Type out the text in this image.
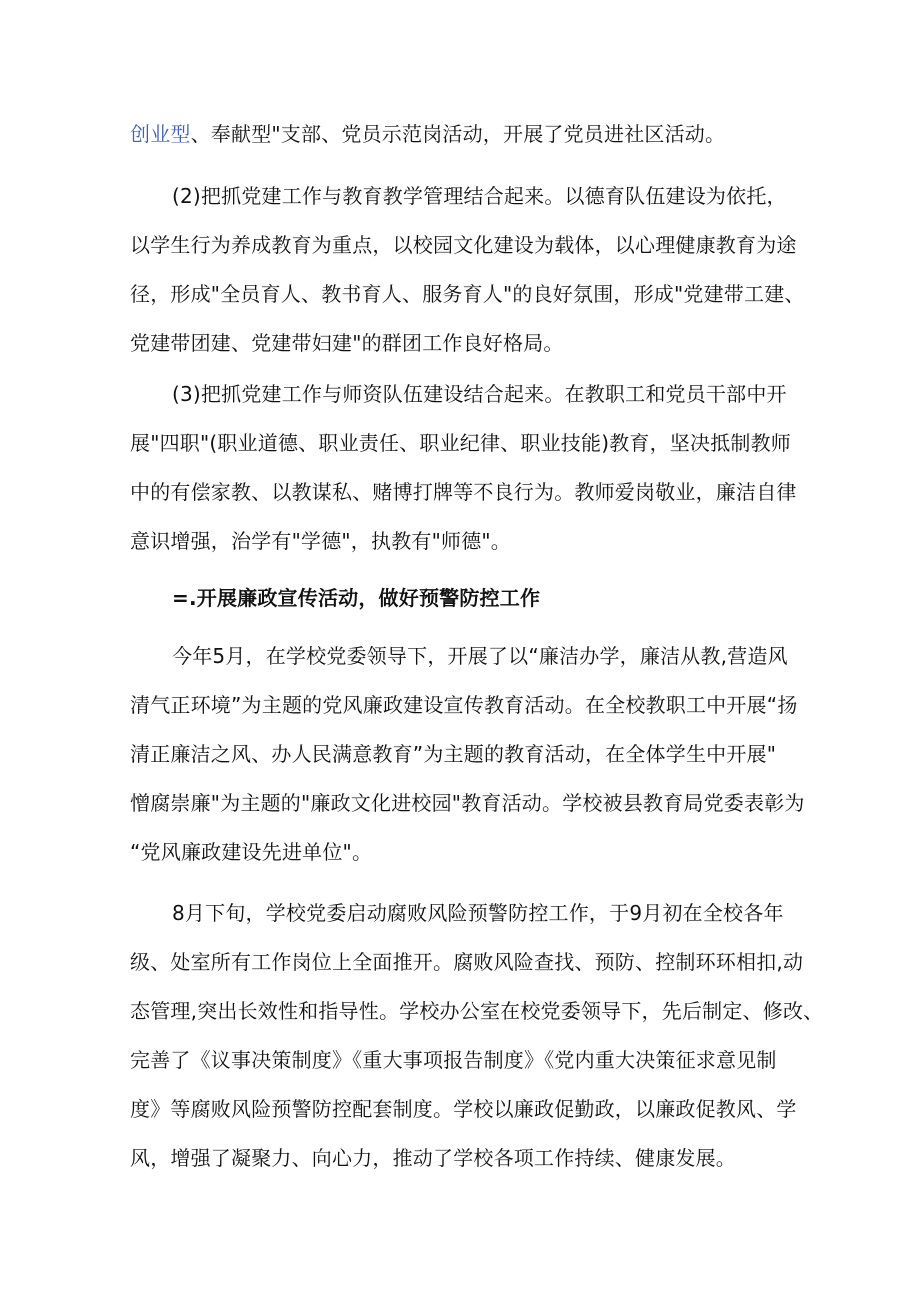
创业型、奉献型"支部、党员示范岗活动，开展了党员进社区活动。

(2)把抓党建工作与教育教学管理结合起来。以德育队伍建设为依托，
以学生行为养成教育为重点，以校园文化建设为载体，以心理健康教育为途
径，形成"全员育人、教书育人、服务育人"的良好氛围，形成"党建带工建、
党建带团建、党建带妇建"的群团工作良好格局。

(3)把抓党建工作与师资队伍建设结合起来。在教职工和党员干部中开
展"四职"(职业道德、职业责任、职业纪律、职业技能)教育，坚决抵制教师
中的有偿家教、以教谋私、赌博打牌等不良行为。教师爱岗敬业，廉洁自律
意识增强，治学有"学德"，执教有"师德"。

=.开展廉政宣传活动，做好预警防控工作

今年5月，在学校党委领导下，开展了以“廉洁办学，廉洁从教,营造风
清气正环境”为主题的党风廉政建设宣传教育活动。在全校教职工中开展“扬
清正廉洁之风、办人民满意教育”为主题的教育活动，在全体学生中开展"
憎腐崇廉"为主题的"廉政文化进校园"教育活动。学校被县教育局党委表彰为
“党风廉政建设先进单位"。

8月下旬，学校党委启动腐败风险预警防控工作，于9月初在全校各年
级、处室所有工作岗位上全面推开。腐败风险查找、预防、控制环环相扣,动
态管理,突出长效性和指导性。学校办公室在校党委领导下，先后制定、修改、
完善了《议事决策制度》《重大事项报告制度》《党内重大决策征求意见制
度》等腐败风险预警防控配套制度。学校以廉政促勤政，以廉政促教风、学
风，增强了凝聚力、向心力，推动了学校各项工作持续、健康发展。
